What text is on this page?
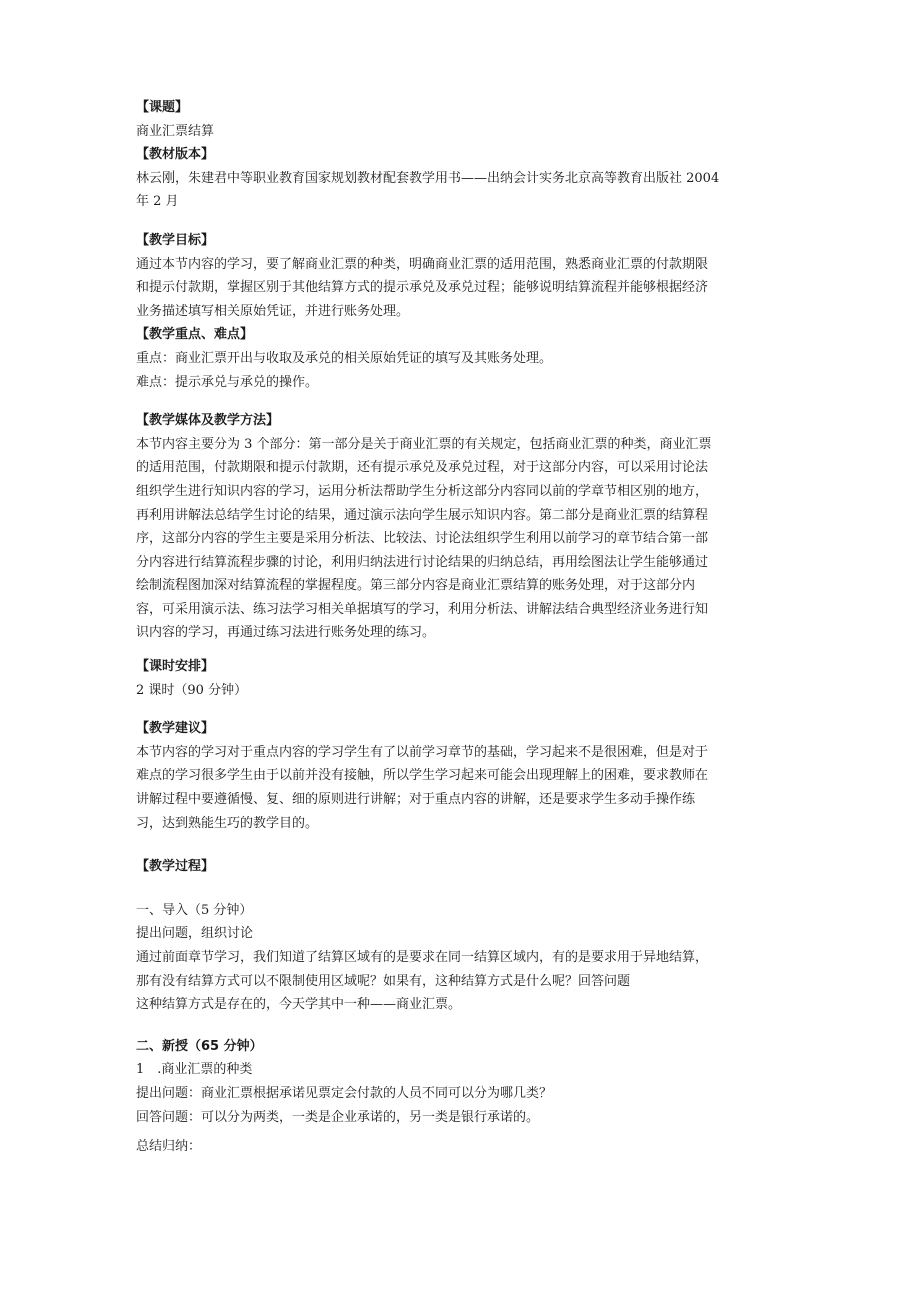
【课题】
商业汇票结算
【教材版本】
林云刚，朱建君中等职业教育国家规划教材配套教学用书——出纳会计实务北京高等教育出版社 2004
年 2 月
【教学目标】
通过本节内容的学习，要了解商业汇票的种类，明确商业汇票的适用范围，熟悉商业汇票的付款期限
和提示付款期，掌握区别于其他结算方式的提示承兑及承兑过程；能够说明结算流程并能够根据经济
业务描述填写相关原始凭证，并进行账务处理。
【教学重点、难点】
重点：商业汇票开出与收取及承兑的相关原始凭证的填写及其账务处理。
难点：提示承兑与承兑的操作。
【教学媒体及教学方法】
本节内容主要分为 3 个部分：第一部分是关于商业汇票的有关规定，包括商业汇票的种类，商业汇票
的适用范围，付款期限和提示付款期，还有提示承兑及承兑过程，对于这部分内容，可以采用讨论法
组织学生进行知识内容的学习，运用分析法帮助学生分析这部分内容同以前的学章节相区别的地方，
再利用讲解法总结学生讨论的结果，通过演示法向学生展示知识内容。第二部分是商业汇票的结算程
序，这部分内容的学生主要是采用分析法、比较法、讨论法组织学生利用以前学习的章节结合第一部
分内容进行结算流程步骤的讨论，利用归纳法进行讨论结果的归纳总结，再用绘图法让学生能够通过
绘制流程图加深对结算流程的掌握程度。第三部分内容是商业汇票结算的账务处理，对于这部分内
容，可采用演示法、练习法学习相关单据填写的学习，利用分析法、讲解法结合典型经济业务进行知
识内容的学习，再通过练习法进行账务处理的练习。
【课时安排】
2 课时（90 分钟）
【教学建议】
本节内容的学习对于重点内容的学习学生有了以前学习章节的基础，学习起来不是很困难，但是对于
难点的学习很多学生由于以前并没有接触，所以学生学习起来可能会出现理解上的困难，要求教师在
讲解过程中要遵循慢、复、细的原则进行讲解；对于重点内容的讲解，还是要求学生多动手操作练
习，达到熟能生巧的教学目的。
【教学过程】
一、导入（5 分钟）
提出问题，组织讨论
通过前面章节学习，我们知道了结算区域有的是要求在同一结算区域内，有的是要求用于异地结算，
那有没有结算方式可以不限制使用区域呢？如果有，这种结算方式是什么呢？回答问题
这种结算方式是存在的，今天学其中一种——商业汇票。
二、新授（65 分钟）
1　.商业汇票的种类
提出问题：商业汇票根据承诺见票定会付款的人员不同可以分为哪几类？
回答问题：可以分为两类，一类是企业承诺的，另一类是银行承诺的。
总结归纳：
